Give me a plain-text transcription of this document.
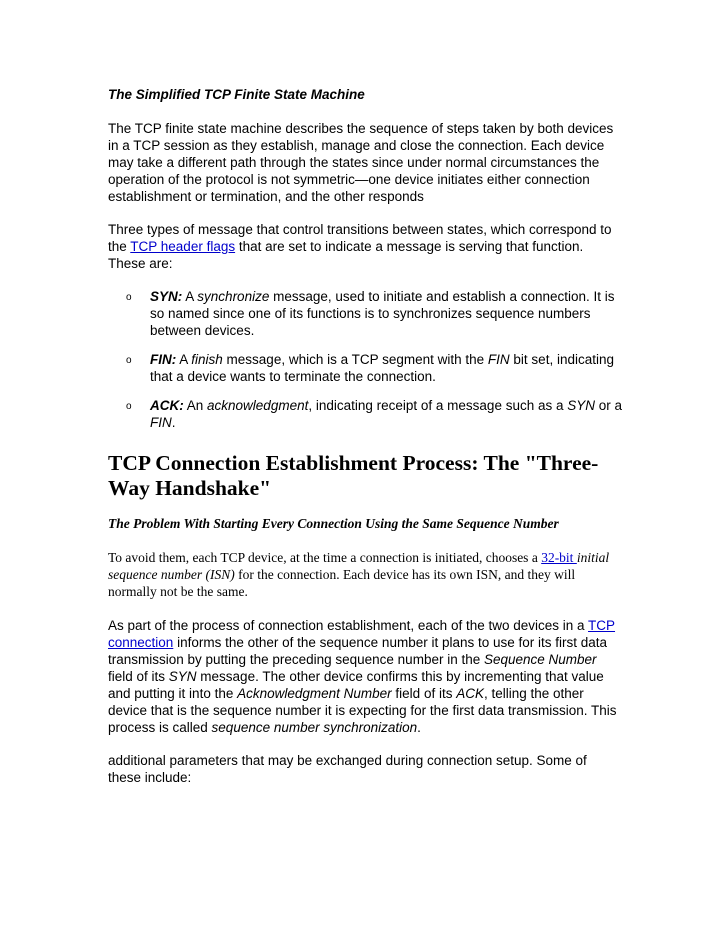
The Simplified TCP Finite State Machine

The TCP finite state machine describes the sequence of steps taken by both devices in a TCP session as they establish, manage and close the connection. Each device may take a different path through the states since under normal circumstances the operation of the protocol is not symmetric—one device initiates either connection establishment or termination, and the other responds

Three types of message that control transitions between states, which correspond to the TCP header flags that are set to indicate a message is serving that function. These are:

o SYN: A synchronize message, used to initiate and establish a connection. It is so named since one of its functions is to synchronizes sequence numbers between devices.
o FIN: A finish message, which is a TCP segment with the FIN bit set, indicating that a device wants to terminate the connection.
o ACK: An acknowledgment, indicating receipt of a message such as a SYN or a FIN.
TCP Connection Establishment Process: The "Three-Way Handshake"

The Problem With Starting Every Connection Using the Same Sequence Number

To avoid them, each TCP device, at the time a connection is initiated, chooses a 32-bit initial sequence number (ISN) for the connection. Each device has its own ISN, and they will normally not be the same.

As part of the process of connection establishment, each of the two devices in a TCP connection informs the other of the sequence number it plans to use for its first data transmission by putting the preceding sequence number in the Sequence Number field of its SYN message. The other device confirms this by incrementing that value and putting it into the Acknowledgment Number field of its ACK, telling the other device that is the sequence number it is expecting for the first data transmission. This process is called sequence number synchronization.

additional parameters that may be exchanged during connection setup. Some of these include:
